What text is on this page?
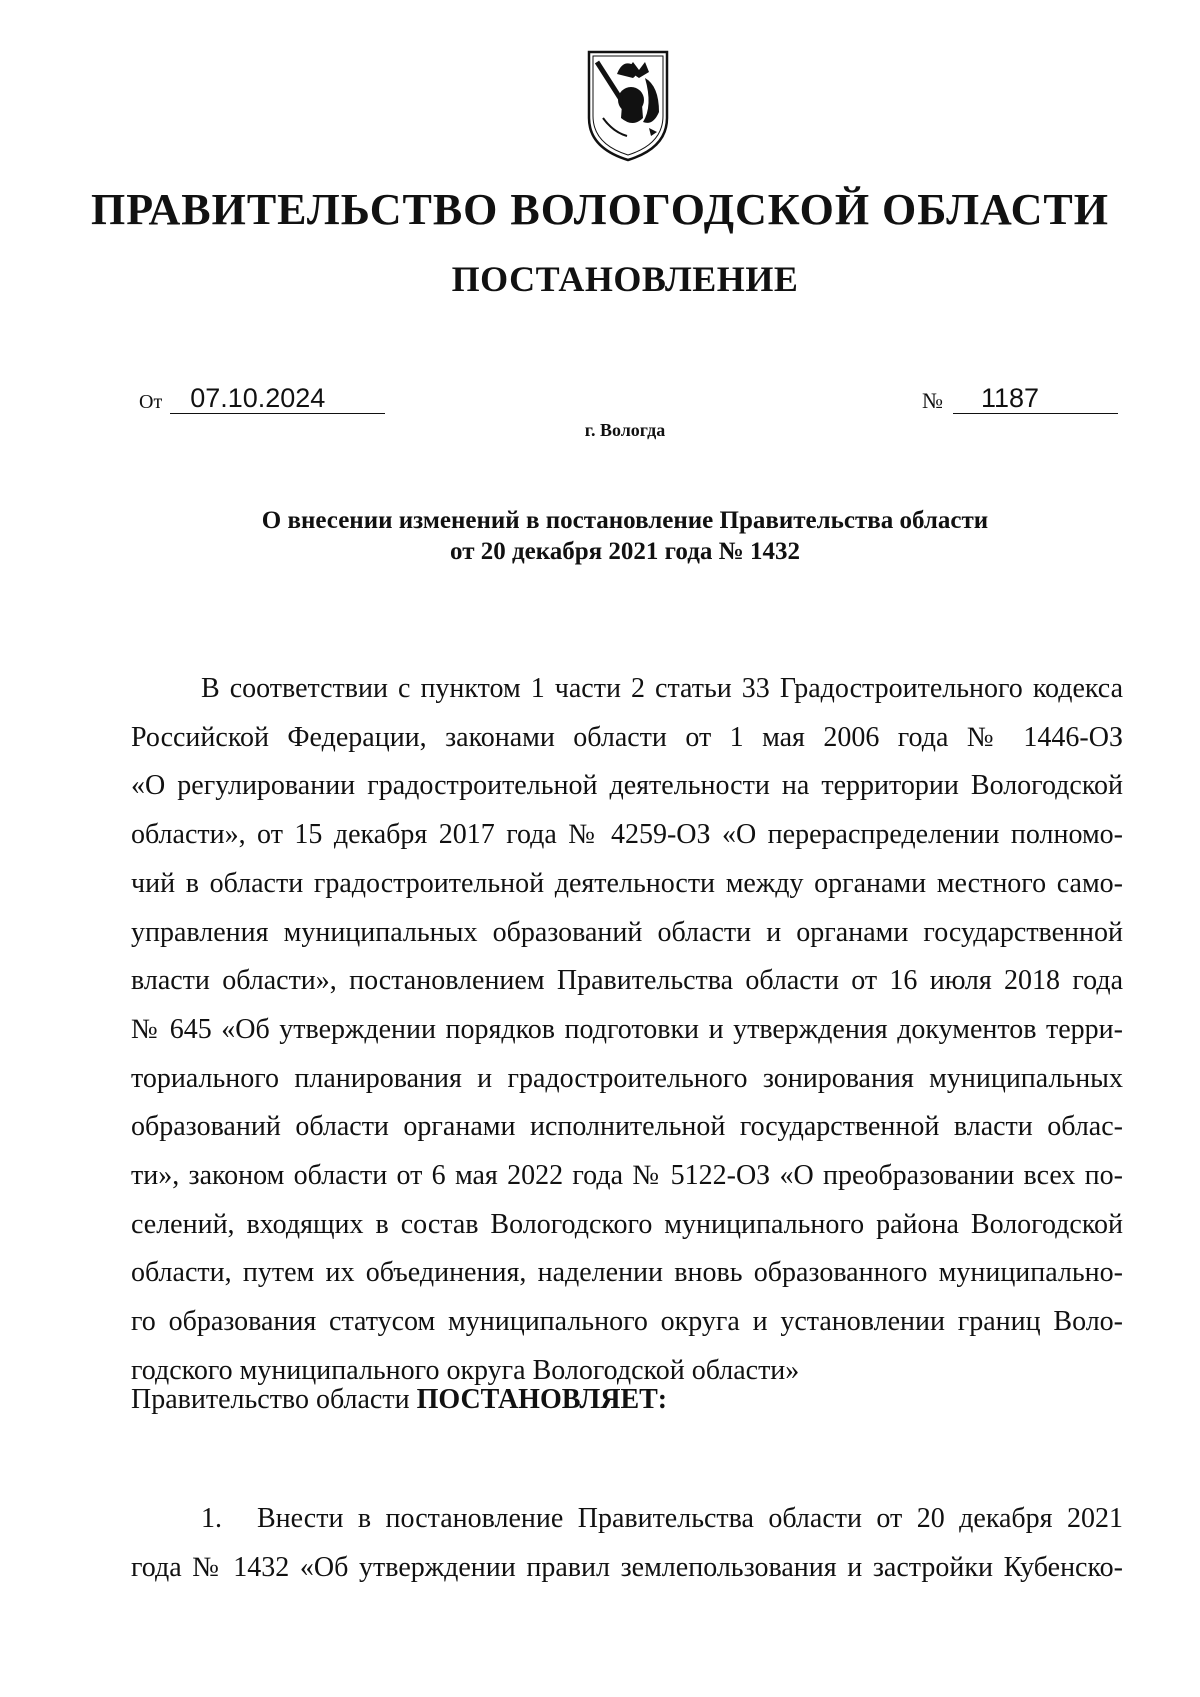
ПРАВИТЕЛЬСТВО ВОЛОГОДСКОЙ ОБЛАСТИ
ПОСТАНОВЛЕНИЕ
От	07.10.2024	№	1187
г. Вологда
О внесении изменений в постановление Правительства области
от 20 декабря 2021 года № 1432
В соответствии с пунктом 1 части 2 статьи 33 Градостроительного кодекса
Российской Федерации, законами области от 1 мая 2006 года № 1446-ОЗ
«О регулировании градостроительной деятельности на территории Вологодской
области», от 15 декабря 2017 года № 4259-ОЗ «О перераспределении полномо-
чий в области градостроительной деятельности между органами местного само-
управления муниципальных образований области и органами государственной
власти области», постановлением Правительства области от 16 июля 2018 года
№ 645 «Об утверждении порядков подготовки и утверждения документов терри-
ториального планирования и градостроительного зонирования муниципальных
образований области органами исполнительной государственной власти облас-
ти», законом области от 6 мая 2022 года № 5122-ОЗ «О преобразовании всех по-
селений, входящих в состав Вологодского муниципального района Вологодской
области, путем их объединения, наделении вновь образованного муниципально-
го образования статусом муниципального округа и установлении границ Воло-
годского муниципального округа Вологодской области»
Правительство области ПОСТАНОВЛЯЕТ:
1. Внести в постановление Правительства области от 20 декабря 2021
года № 1432 «Об утверждении правил землепользования и застройки Кубенско-
